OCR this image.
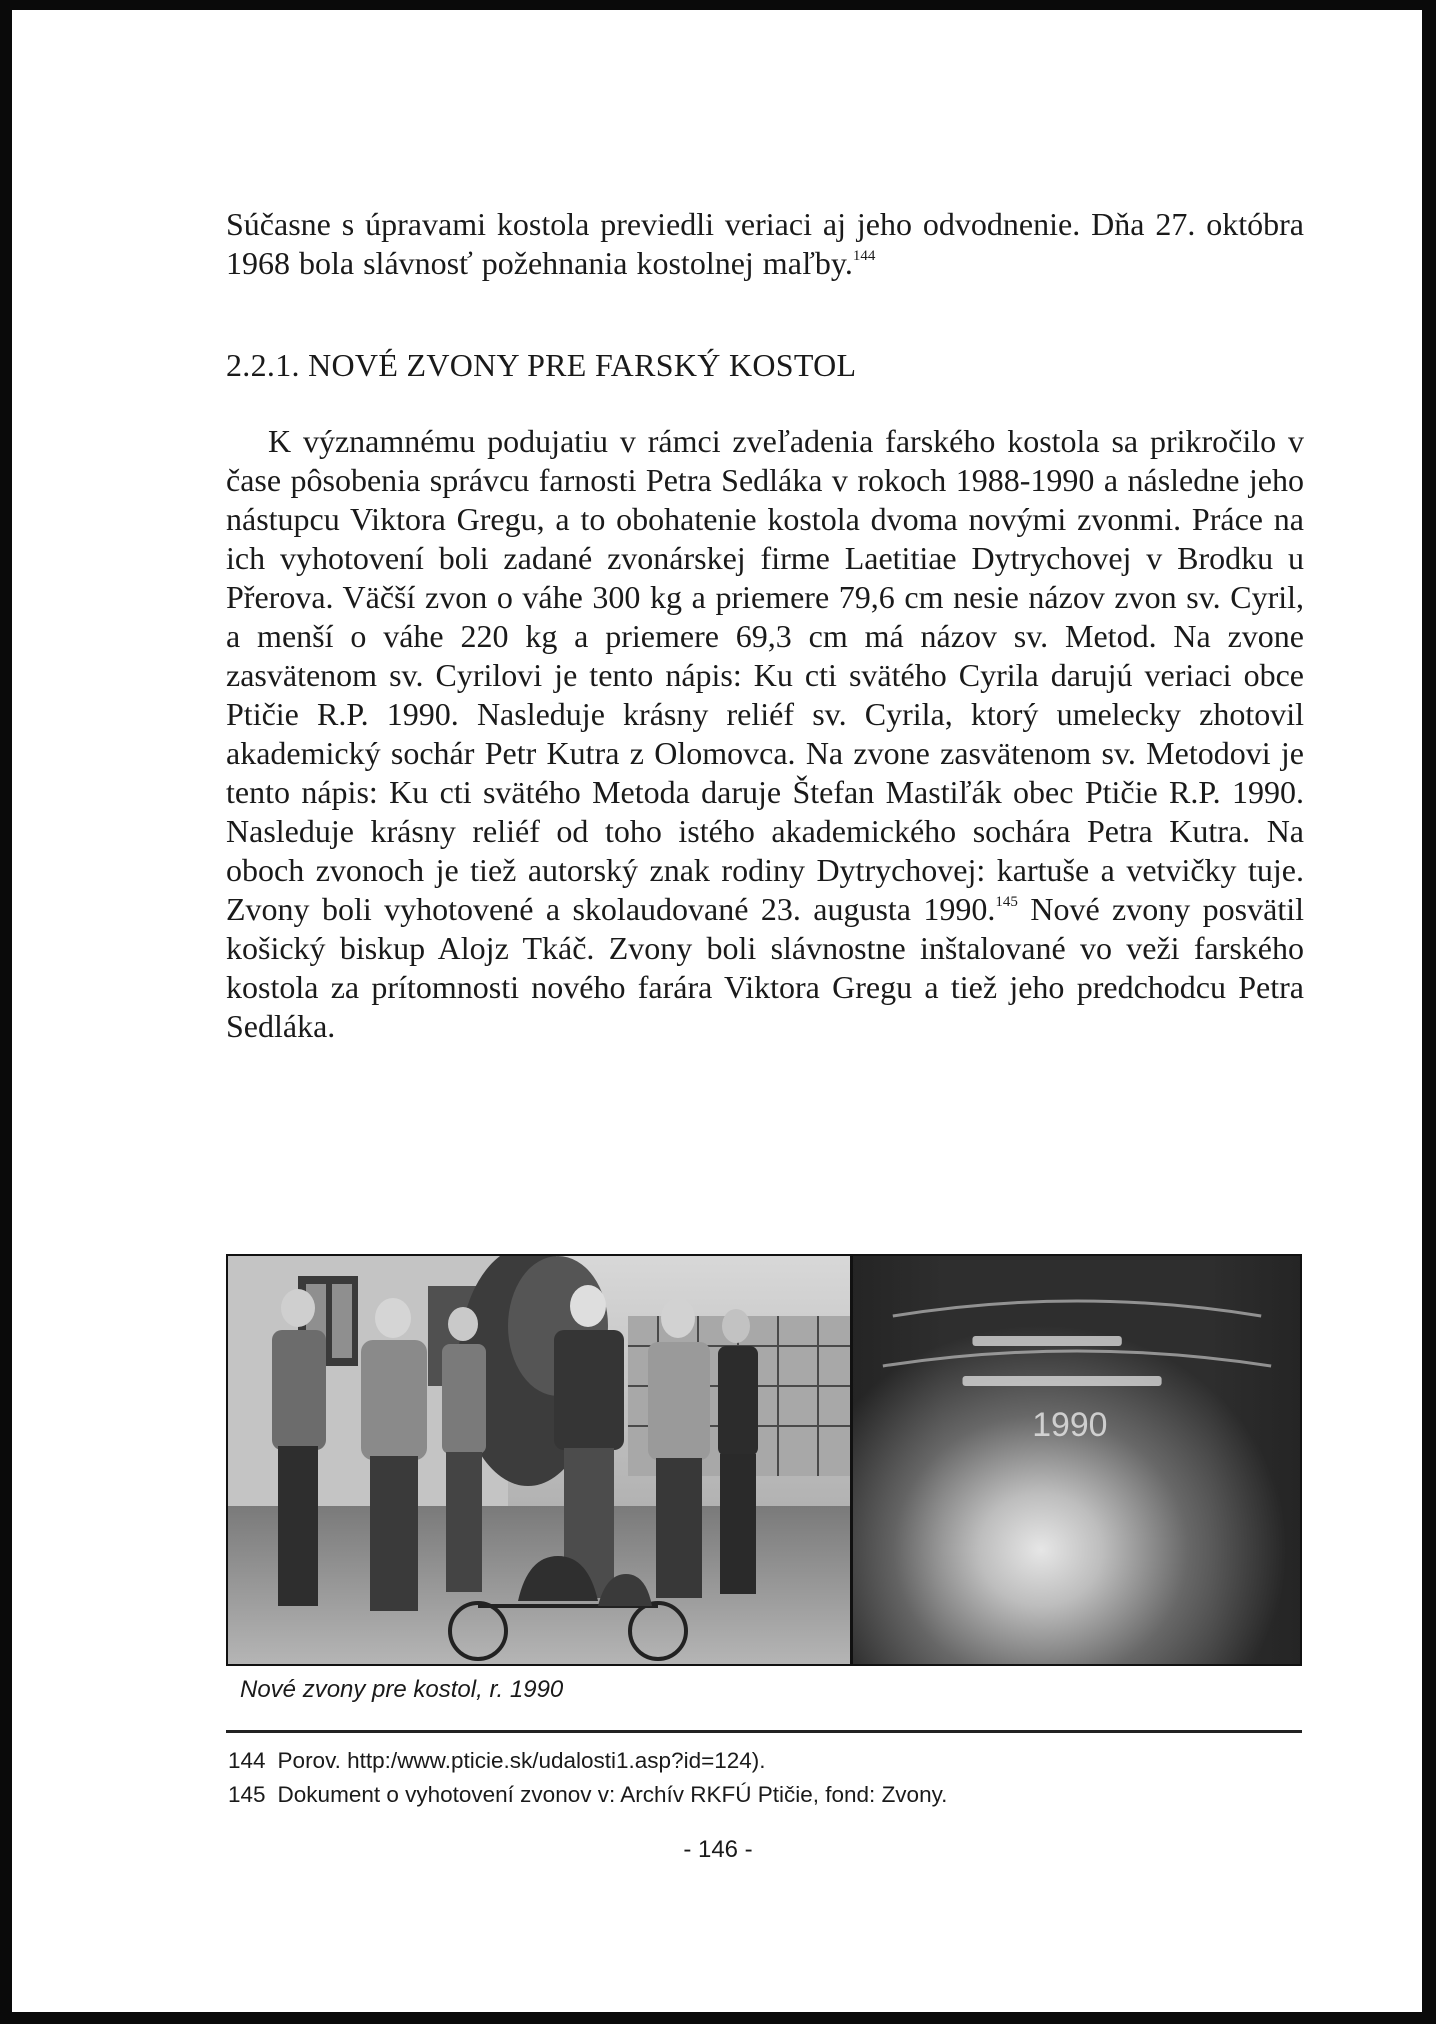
Súčasne s úpravami kostola previedli veriaci aj jeho odvodnenie. Dňa 27. októbra 1968 bola slávnosť požehnania kostolnej maľby.$^{144}$

2.2.1. NOVÉ ZVONY PRE FARSKÝ KOSTOL

K významnému podujatiu v rámci zveľadenia farského kostola sa prikročilo v čase pôsobenia správcu farnosti Petra Sedláka v rokoch 1988-1990 a následne jeho nástupcu Viktora Gregu, a to obohatenie kostola dvoma novými zvonmi. Práce na ich vyhotovení boli zadané zvonárskej firme Laetitiae Dytrychovej v Brodku u Přerova. Väčší zvon o váhe 300 kg a priemere 79,6 cm nesie názov zvon sv. Cyril, a menší o váhe 220 kg a priemere 69,3 cm má názov sv. Metod. Na zvone zasvätenom sv. Cyrilovi je tento nápis: Ku cti svätého Cyrila darujú veriaci obce Ptičie R.P. 1990. Nasleduje krásny reliéf sv. Cyrila, ktorý umelecky zhotovil akademický sochár Petr Kutra z Olomovca. Na zvone zasvätenom sv. Metodovi je tento nápis: Ku cti svätého Metoda daruje Štefan Mastiľák obec Ptičie R.P. 1990. Nasleduje krásny reliéf od toho istého akademického sochára Petra Kutra. Na oboch zvonoch je tiež autorský znak rodiny Dytrychovej: kartuše a vetvičky tuje. Zvony boli vyhotovené a skolaudované 23. augusta 1990.$^{145}$ Nové zvony posvätil košický biskup Alojz Tkáč. Zvony boli slávnostne inštalované vo veži farského kostola za prítomnosti nového farára Viktora Gregu a tiež jeho predchodcu Petra Sedláka.

1990
Nové zvony pre kostol, r. 1990
144 Porov. http:/www.pticie.sk/udalosti1.asp?id=124).
145 Dokument o vyhotovení zvonov v: Archív RKFÚ Ptičie, fond: Zvony.
- 146 -
